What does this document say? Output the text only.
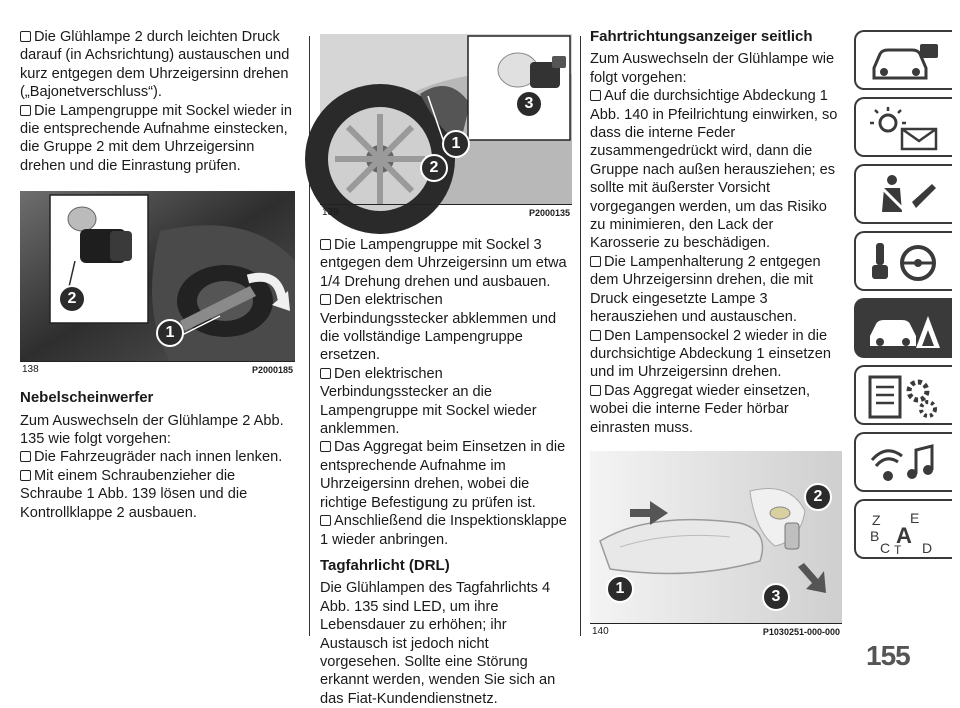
Die Glühlampe 2 durch leichten Druck darauf (in Achsrichtung) austauschen und kurz entgegen dem Uhrzeigersinn drehen („Bajonetverschluss“).
Die Lampengruppe mit Sockel wieder in die entsprechende Aufnahme einstecken, die Gruppe 2 mit dem Uhrzeigersinn drehen und die Einrastung prüfen.
2
1
138	P2000185
Nebelscheinwerfer
Zum Auswechseln der Glühlampe 2 Abb. 135 wie folgt vorgehen:
Die Fahrzeugräder nach innen lenken.
Mit einem Schraubenzieher die Schraube 1 Abb. 139 lösen und die Kontrollklappe 2 ausbauen.
3
1
2
139	P2000135
Die Lampengruppe mit Sockel 3 entgegen dem Uhrzeigersinn um etwa 1/4 Drehung drehen und ausbauen.
Den elektrischen Verbindungsstecker abklemmen und die vollständige Lampengruppe ersetzen.
Den elektrischen Verbindungsstecker an die Lampengruppe mit Sockel wieder anklemmen.
Das Aggregat beim Einsetzen in die entsprechende Aufnahme im Uhrzeigersinn drehen, wobei die richtige Befestigung zu prüfen ist.
Anschließend die Inspektionsklappe 1 wieder anbringen.
Tagfahrlicht (DRL)
Die Glühlampen des Tagfahrlichts 4 Abb. 135 sind LED, um ihre Lebensdauer zu erhöhen; ihr Austausch ist jedoch nicht vorgesehen. Sollte eine Störung erkannt werden, wenden Sie sich an das Fiat-Kundendienstnetz.
Fahrtrichtungsanzeiger seitlich
Zum Auswechseln der Glühlampe wie folgt vorgehen:
Auf die durchsichtige Abdeckung 1 Abb. 140 in Pfeilrichtung einwirken, so dass die interne Feder zusammengedrückt wird, dann die Gruppe nach außen herausziehen; es sollte mit äußerster Vorsicht vorgegangen werden, um das Risiko zu minimieren, den Lack der Karosserie zu beschädigen.
Die Lampenhalterung 2 entgegen dem Uhrzeigersinn drehen, die mit Druck eingesetzte Lampe 3 herausziehen und austauschen.
Den Lampensockel 2 wieder in die durchsichtige Abdeckung 1 einsetzen und im Uhrzeigersinn drehen.
Das Aggregat wieder einsetzen, wobei die interne Feder hörbar einrasten muss.
2
1	3
140	P1030251-000-000
Z E
B A
C T D
155
